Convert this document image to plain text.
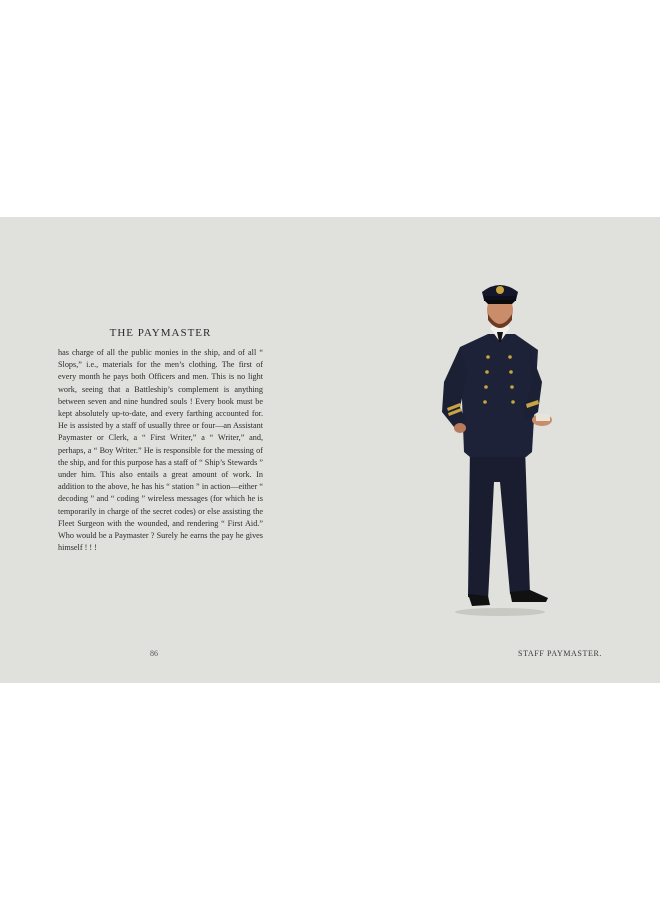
THE PAYMASTER
has charge of all the public monies in the ship, and of all “ Slops,” i.e., materials for the men’s clothing. The first of every month he pays both Officers and men. This is no light work, seeing that a Battleship’s complement is anything between seven and nine hundred souls ! Every book must be kept absolutely up-to-date, and every farthing accounted for. He is assisted by a staff of usually three or four—an Assistant Paymaster or Clerk, a “ First Writer,” a “ Writer,” and, perhaps, a “ Boy Writer.” He is responsible for the messing of the ship, and for this purpose has a staff of “ Ship’s Stewards ” under him. This also entails a great amount of work. In addition to the above, he has his “ station ” in action—either “ decoding ” and “ coding ” wireless messages (for which he is temporarily in charge of the secret codes) or else assisting the Fleet Surgeon with the wounded, and rendering “ First Aid.” Who would be a Paymaster ? Surely he earns the pay he gives himself ! ! !
86	STAFF PAYMASTER.
